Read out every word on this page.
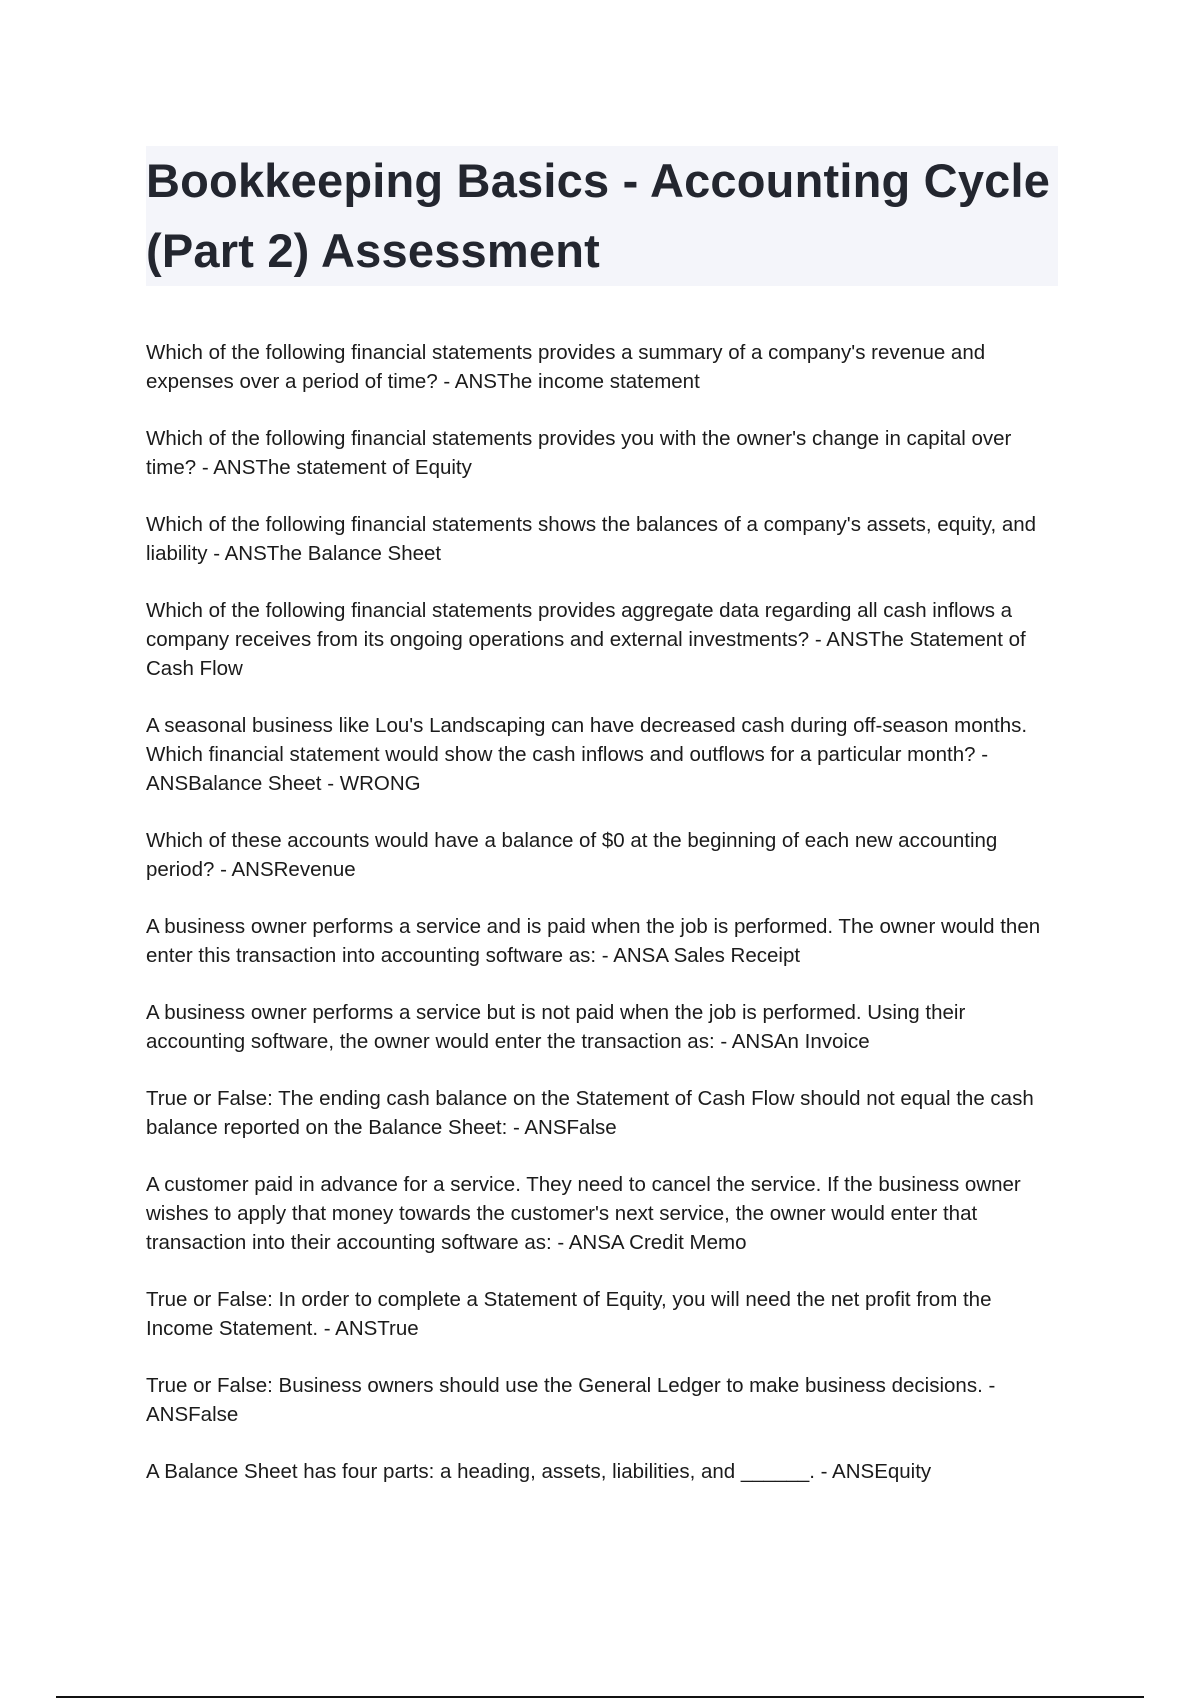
Bookkeeping Basics - Accounting Cycle (Part 2) Assessment

Which of the following financial statements provides a summary of a company's revenue and expenses over a period of time? - ANSThe income statement

Which of the following financial statements provides you with the owner's change in capital over time? - ANSThe statement of Equity

Which of the following financial statements shows the balances of a company's assets, equity, and liability - ANSThe Balance Sheet

Which of the following financial statements provides aggregate data regarding all cash inflows a company receives from its ongoing operations and external investments? - ANSThe Statement of Cash Flow

A seasonal business like Lou's Landscaping can have decreased cash during off-season months. Which financial statement would show the cash inflows and outflows for a particular month? - ANSBalance Sheet - WRONG

Which of these accounts would have a balance of $0 at the beginning of each new accounting period? - ANSRevenue

A business owner performs a service and is paid when the job is performed. The owner would then enter this transaction into accounting software as: - ANSA Sales Receipt

A business owner performs a service but is not paid when the job is performed. Using their accounting software, the owner would enter the transaction as: - ANSAn Invoice

True or False: The ending cash balance on the Statement of Cash Flow should not equal the cash balance reported on the Balance Sheet: - ANSFalse

A customer paid in advance for a service. They need to cancel the service. If the business owner wishes to apply that money towards the customer's next service, the owner would enter that transaction into their accounting software as: - ANSA Credit Memo

True or False: In order to complete a Statement of Equity, you will need the net profit from the Income Statement. - ANSTrue

True or False: Business owners should use the General Ledger to make business decisions. - ANSFalse

A Balance Sheet has four parts: a heading, assets, liabilities, and ______. - ANSEquity
